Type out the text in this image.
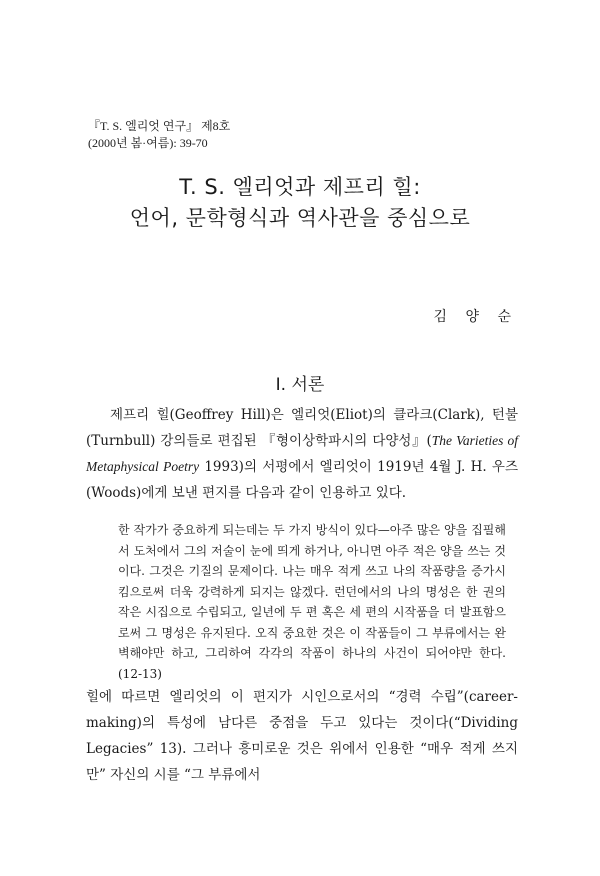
『T. S. 엘리엇 연구』 제8호
(2000년 봄·여름): 39-70
T. S. 엘리엇과 제프리 힐:
언어, 문학형식과 역사관을 중심으로
김 양 순
I. 서론

제프리 힐(Geoffrey Hill)은 엘리엇(Eliot)의 클라크(Clark), 턴불(Turnbull) 강의들로 편집된 『형이상학파시의 다양성』(The Varieties of Metaphysical Poetry 1993)의 서평에서 엘리엇이 1919년 4월 J. H. 우즈(Woods)에게 보낸 편지를 다음과 같이 인용하고 있다.

한 작가가 중요하게 되는데는 두 가지 방식이 있다—아주 많은 양을 집필해서 도처에서 그의 저술이 눈에 띄게 하거나, 아니면 아주 적은 양을 쓰는 것이다. 그것은 기질의 문제이다. 나는 매우 적게 쓰고 나의 작품량을 증가시킴으로써 더욱 강력하게 되지는 않겠다. 런던에서의 나의 명성은 한 권의 작은 시집으로 수립되고, 일년에 두 편 혹은 세 편의 시작품을 더 발표함으로써 그 명성은 유지된다. 오직 중요한 것은 이 작품들이 그 부류에서는 완벽해야만 하고, 그리하여 각각의 작품이 하나의 사건이 되어야만 한다. (12-13)

힐에 따르면 엘리엇의 이 편지가 시인으로서의 “경력 수립”(career-making)의 특성에 남다른 중점을 두고 있다는 것이다(“Dividing Legacies” 13). 그러나 흥미로운 것은 위에서 인용한 “매우 적게 쓰지만” 자신의 시를 “그 부류에서
